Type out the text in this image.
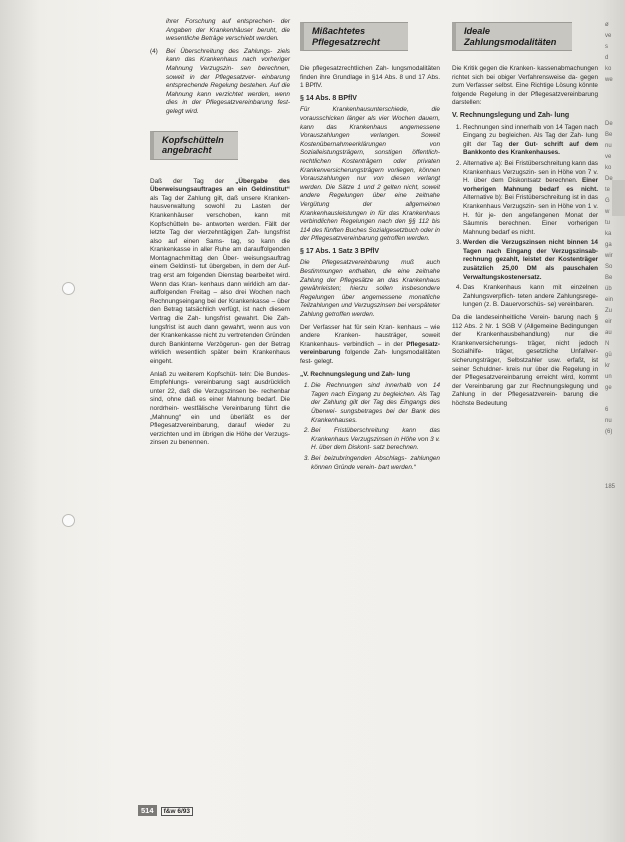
ihrer Forschung auf entsprechen- der Angaben der Krankenhäuser beruht, die wesentliche Beträge verschiebt werden.

(4)	Bei Überschreitung des Zahlungs- ziels kann das Krankenhaus nach vorheriger Mahnung Verzugszin- sen berechnen, soweit in der Pflegesatzver- einbarung entsprechende Regelung bestehen. Auf die Mahnung kann verzichtet werden, wenn dies in der Pflegesatzvereinbarung fest- gelegt wird.
Kopfschütteln angebracht

Daß der Tag der „Übergabe des Überweisungsauftrages an ein Geldinstitut“ als Tag der Zahlung gilt, daß unsere Kranken- hausverwaltung sowohl zu Lasten der Krankenhäuser verschoben, kann mit Kopfschütteln be- antworten werden. Fällt der letzte Tag der vierzehntägigen Zah- lungsfrist also auf einen Sams- tag, so kann die Krankenkasse in aller Ruhe am darauffolgenden Montagnachmittag den Über- weisungsauftrag einem Geldinsti- tut übergeben, in dem der Auf- trag erst am folgenden Dienstag bearbeitet wird. Wenn das Kran- kenhaus dann wirklich am dar- auffolgenden Freitag – also drei Wochen nach Rechnungseingang bei der Krankenkasse – über den Betrag tatsächlich verfügt, ist nach diesem Vertrag die Zah- lungsfrist gewahrt. Die Zah- lungsfrist ist auch dann gewahrt, wenn aus von der Krankenkasse nicht zu vertretenden Gründen durch Bankinterne Verzögerun- gen der Betrag wirklich wesentlich später beim Krankenhaus eingeht.

Anlaß zu weiterem Kopfschüt- teln: Die Bundes-Empfehlungs- vereinbarung sagt ausdrücklich unter 22, daß die Verzugszinsen be- rechenbar sind, ohne daß es einer Mahnung bedarf. Die nordrhein- westfälische Vereinbarung führt die „Mahnung“ ein und überläßt es der Pflegesatzvereinbarung, darauf wieder zu verzichten und im übrigen die Höhe der Verzugs- zinsen zu benennen.

Mißachtetes Pflegesatzrecht

Die pflegesatzrechtlichen Zah- lungsmodalitäten finden ihre Grundlage in §14 Abs. 8 und 17 Abs. 1 BPflV.

§ 14 Abs. 8 BPflV

Für Krankenhausunterschiede, die vorausschicken länger als vier Wochen dauern, kann das Krankenhaus angemessene Vorauszahlungen verlangen. Soweit Kostenübernahmeerklärungen von Sozialleistungsträgern, sonstigen öffentlich-rechtlichen Kostenträgern oder privaten Krankenversicherungsträgern vorliegen, können Vorauszahlungen nur von diesen verlangt werden. Die Sätze 1 und 2 gelten nicht, soweit andere Regelungen über eine zeitnahe Vergütung der allgemeinen Krankenhausleistungen in für das Krankenhaus verbindlichen Regelungen nach den §§ 112 bis 114 des fünften Buches Sozialgesetzbuch oder in der Pflegesatzvereinbarung getroffen werden.

§ 17 Abs. 1 Satz 3 BPflV

Die Pflegesatzvereinbarung muß auch Bestimmungen enthalten, die eine zeitnahe Zahlung der Pflegesätze an das Krankenhaus gewährleisten; hierzu sollen insbesondere Regelungen über angemessene monatliche Teilzahlungen und Verzugszinsen bei verspäteter Zahlung getroffen werden.

Der Verfasser hat für sein Kran- kenhaus – wie andere Kranken- hausträger, soweit Krankenhaus- verbindlich – in der Pflegesatz- vereinbarung folgende Zah- lungsmodalitäten fest- gelegt.

„V. Rechnungslegung und Zah- lung
1. Die Rechnungen sind innerhalb von 14 Tagen nach Eingang zu begleichen. Als Tag der Zahlung gilt der Tag des Eingangs des Überwei- sungsbetrages bei der Bank des Krankenhauses.
2. Bei Fristüberschreitung kann das Krankenhaus Verzugszinsen in Höhe von 3 v. H. über dem Diskont- satz berechnen.
3. Bei beizubringenden Abschlags- zahlungen können Gründe verein- bart werden.“
Ideale Zahlungsmodalitäten

Die Kritik gegen die Kranken- kassenabmachungen richtet sich bei obiger Verfahrensweise da- gegen zum Verfasser selbst. Eine Richtige Lösung könnte folgende Regelung in der Pflegesatzvereinbarung darstellen:

V. Rechnungslegung und Zah- lung
1. Rechnungen sind innerhalb von 14 Tagen nach Eingang zu begleichen. Als Tag der Zah- lung gilt der Tag der Gut- schrift auf dem Bankkonto des Krankenhauses.
2. Alternative a): Bei Fristüberschreitung kann das Krankenhaus Verzugszin- sen in Höhe von 7 v. H. über dem Diskontsatz berechnen. Einer vorherigen Mahnung bedarf es nicht. Alternative b): Bei Fristüberschreitung ist in das Krankenhaus Verzugszin- sen in Höhe von 1 v. H. für je- den angefangenen Monat der Säumnis berechnen. Einer vorherigen Mahnung bedarf es nicht.
3. Werden die Verzugszinsen nicht binnen 14 Tagen nach Eingang der Verzugszinsab- rechnung gezahlt, leistet der Kostenträger zusätzlich 25,00 DM als pauschalen Verwaltungskostenersatz.
4. Das Krankenhaus kann mit einzelnen Zahlungsverpflich- teten andere Zahlungsrege- lungen (z. B. Dauervorschüs- se) vereinbaren.

Da die landeseinheitliche Verein- barung nach § 112 Abs. 2 Nr. 1 SGB V (Allgemeine Bedingungen der Krankenhausbehandlung) nur die Krankenversicherungs- träger, nicht jedoch Sozialhilfe- träger, gesetzliche Unfallver- sicherungsträger, Selbstzahler usw. erfaßt, ist seiner Schuldner- kreis nur über die Regelung in der Pflegesatzvereinbarung erreicht wird, kommt der Vereinbarung gar zur Rechnungslegung und Zahlung in der Pflegesatzverein- barung die höchste Bedeutung

514 f&w 6/93
ø
ve
s
d
ko
we

De
Be
nu
ve
ko
De
te
G
w
tu
ka
ga
wir
So
Be
üb
ein
Zu
eir
au
N
gü
kr
un
ge

6
nu
(6)

185
